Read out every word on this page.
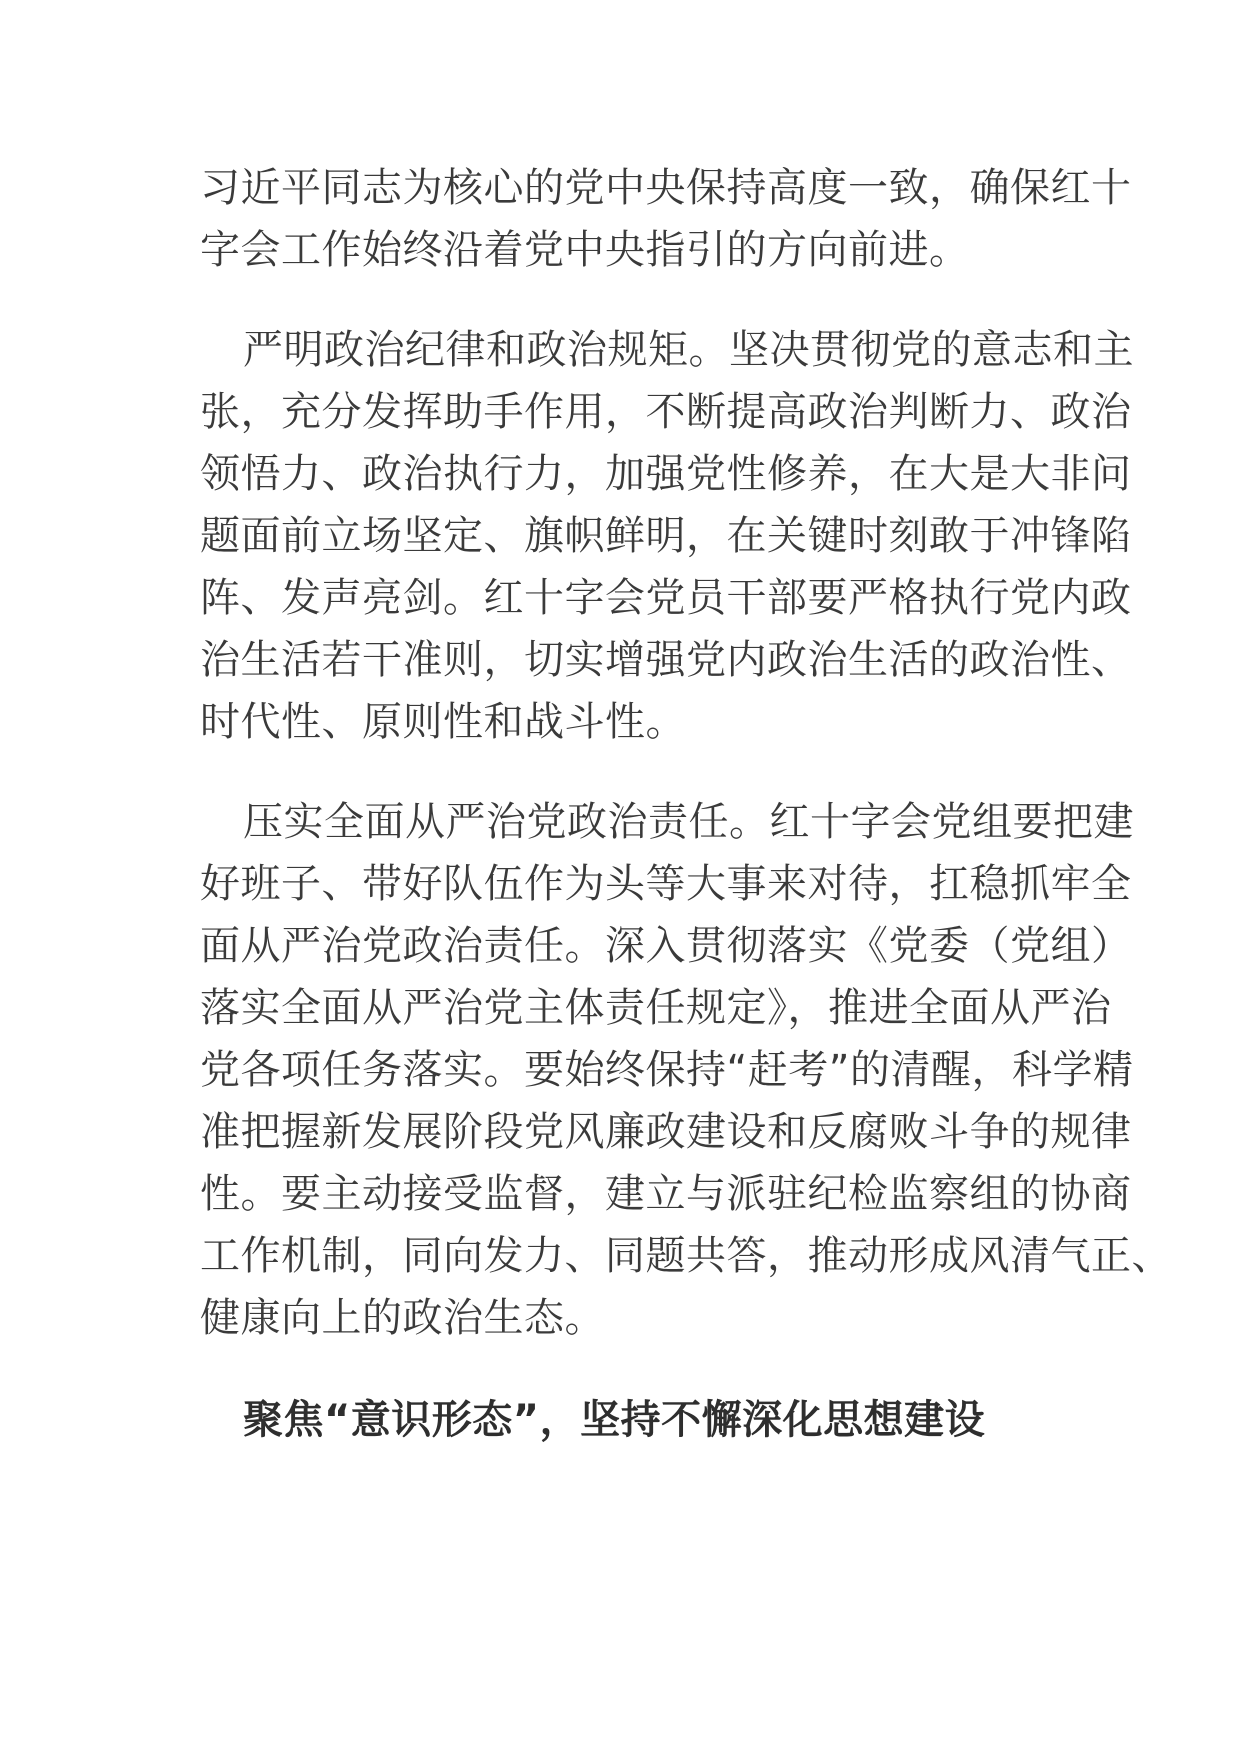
习近平同志为核心的党中央保持高度一致，确保红十
字会工作始终沿着党中央指引的方向前进。
严明政治纪律和政治规矩。坚决贯彻党的意志和主
张，充分发挥助手作用，不断提高政治判断力、政治
领悟力、政治执行力，加强党性修养，在大是大非问
题面前立场坚定、旗帜鲜明，在关键时刻敢于冲锋陷
阵、发声亮剑。红十字会党员干部要严格执行党内政
治生活若干准则，切实增强党内政治生活的政治性、
时代性、原则性和战斗性。
压实全面从严治党政治责任。红十字会党组要把建
好班子、带好队伍作为头等大事来对待，扛稳抓牢全
面从严治党政治责任。深入贯彻落实《党委（党组）
落实全面从严治党主体责任规定》，推进全面从严治
党各项任务落实。要始终保持“赶考”的清醒，科学精
准把握新发展阶段党风廉政建设和反腐败斗争的规律
性。要主动接受监督，建立与派驻纪检监察组的协商
工作机制，同向发力、同题共答，推动形成风清气正、
健康向上的政治生态。
聚焦“意识形态”，坚持不懈深化思想建设
